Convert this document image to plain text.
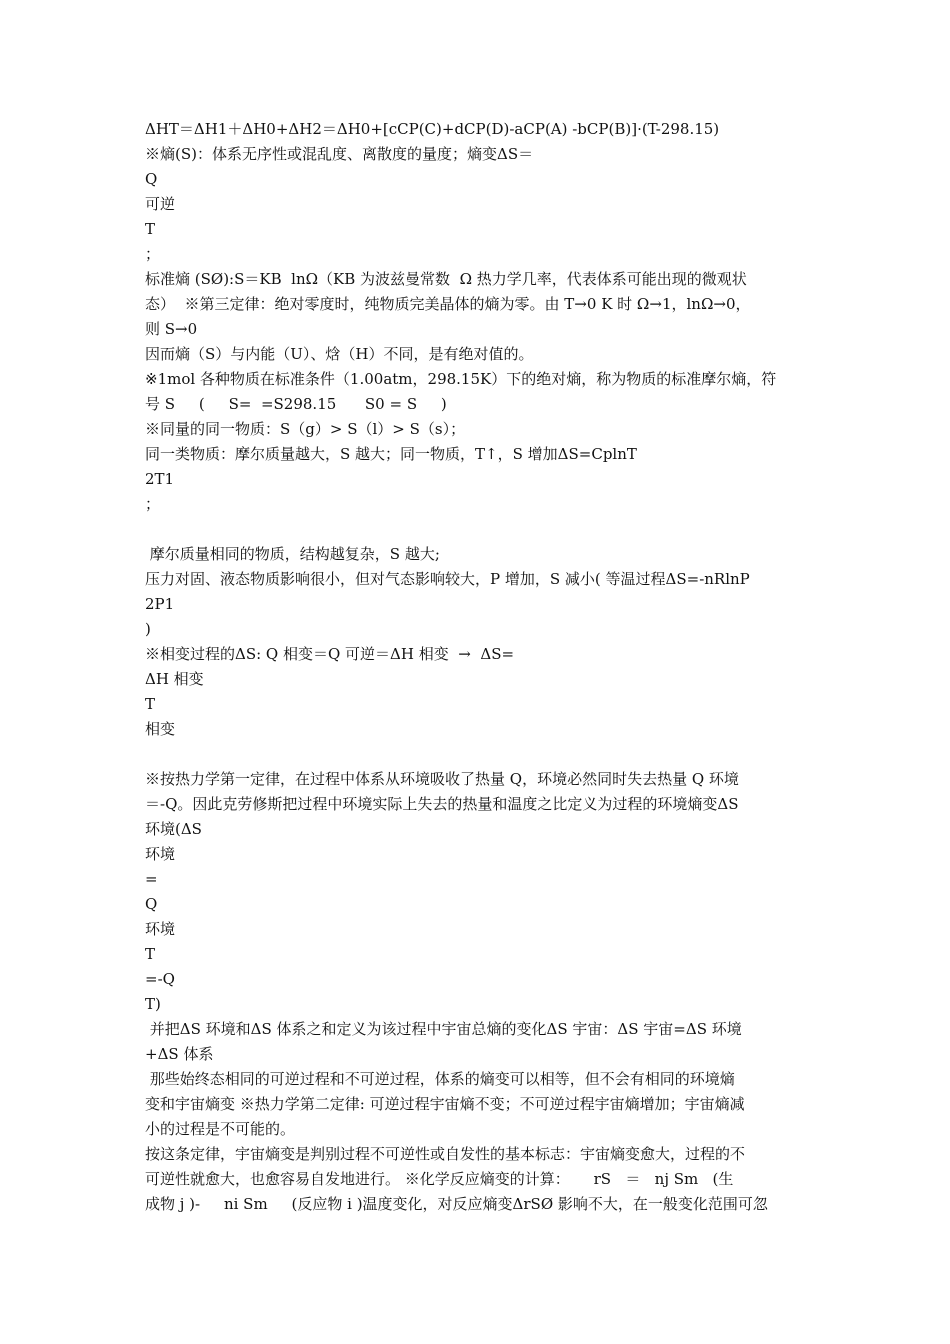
ΔHT＝ΔH1＋ΔH0+ΔH2＝ΔH0+[cCP(C)+dCP(D)-aCP(A) -bCP(B)]·(T-298.15)
※熵(S)：体系无序性或混乱度、离散度的量度；熵变ΔS＝
Q
可逆
T
；
标准熵 (SØ):S＝KB  lnΩ（KB 为波兹曼常数  Ω 热力学几率，代表体系可能出现的微观状
态）  ※第三定律：绝对零度时，纯物质完美晶体的熵为零。由 T→0 K 时 Ω→1，lnΩ→0，
则 S→0
因而熵（S）与内能（U）、焓（H）不同，是有绝对值的。
※1mol 各种物质在标准条件（1.00atm，298.15K）下的绝对熵，称为物质的标准摩尔熵，符
号 S     (     S=  =S298.15      S0 = S     )
※同量的同一物质：S（g）> S（l）> S（s）；
同一类物质：摩尔质量越大，S 越大；同一物质，T↑，S 增加ΔS=CplnT
2T1
；
摩尔质量相同的物质，结构越复杂，S 越大;
压力对固、液态物质影响很小，但对气态影响较大，P 增加，S 减小( 等温过程ΔS=-nRlnP
2P1
)
※相变过程的ΔS: Q 相变＝Q 可逆＝ΔH 相变  →  ΔS=
ΔH 相变
T
相变
※按热力学第一定律，在过程中体系从环境吸收了热量 Q，环境必然同时失去热量 Q 环境
＝-Q。因此克劳修斯把过程中环境实际上失去的热量和温度之比定义为过程的环境熵变ΔS
环境(ΔS
环境
=
Q
环境
T
=-Q
T)
并把ΔS 环境和ΔS 体系之和定义为该过程中宇宙总熵的变化ΔS 宇宙：ΔS 宇宙=ΔS 环境
+ΔS 体系
那些始终态相同的可逆过程和不可逆过程，体系的熵变可以相等，但不会有相同的环境熵
变和宇宙熵变 ※热力学第二定律: 可逆过程宇宙熵不变；不可逆过程宇宙熵增加；宇宙熵减
小的过程是不可能的。
按这条定律，宇宙熵变是判别过程不可逆性或自发性的基本标志：宇宙熵变愈大，过程的不
可逆性就愈大，也愈容易自发地进行。 ※化学反应熵变的计算：     rS   ＝   nj Sm   (生
成物 j )-     ni Sm     (反应物 i )温度变化，对反应熵变ΔrSØ 影响不大，在一般变化范围可忽
